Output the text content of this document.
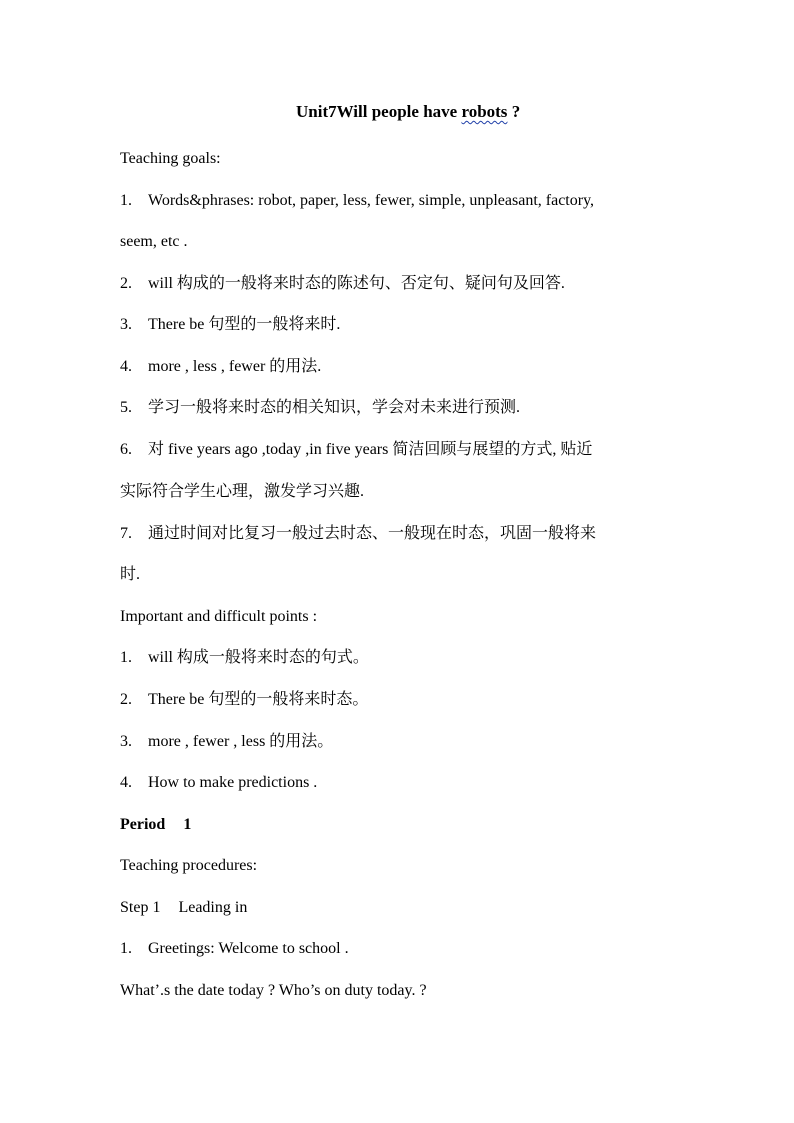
Unit7Will people have robots ?
Teaching goals:
1. Words&phrases: robot, paper, less, fewer, simple, unpleasant, factory,
seem, etc .
2. will 构成的一般将来时态的陈述句、否定句、疑问句及回答.
3. There be 句型的一般将来时.
4. more , less , fewer 的用法.
5. 学习一般将来时态的相关知识，学会对未来进行预测.
6. 对 five years ago ,today ,in five years 简洁回顾与展望的方式, 贴近
实际符合学生心理，激发学习兴趣.
7. 通过时间对比复习一般过去时态、一般现在时态，巩固一般将来
时.
Important and difficult points :
1. will 构成一般将来时态的句式。
2. There be 句型的一般将来时态。
3. more , fewer , less 的用法。
4. How to make predictions .
Period 1
Teaching procedures:
Step 1 Leading in
1. Greetings: Welcome to school .
What’.s the date today ? Who’s on duty today. ?
